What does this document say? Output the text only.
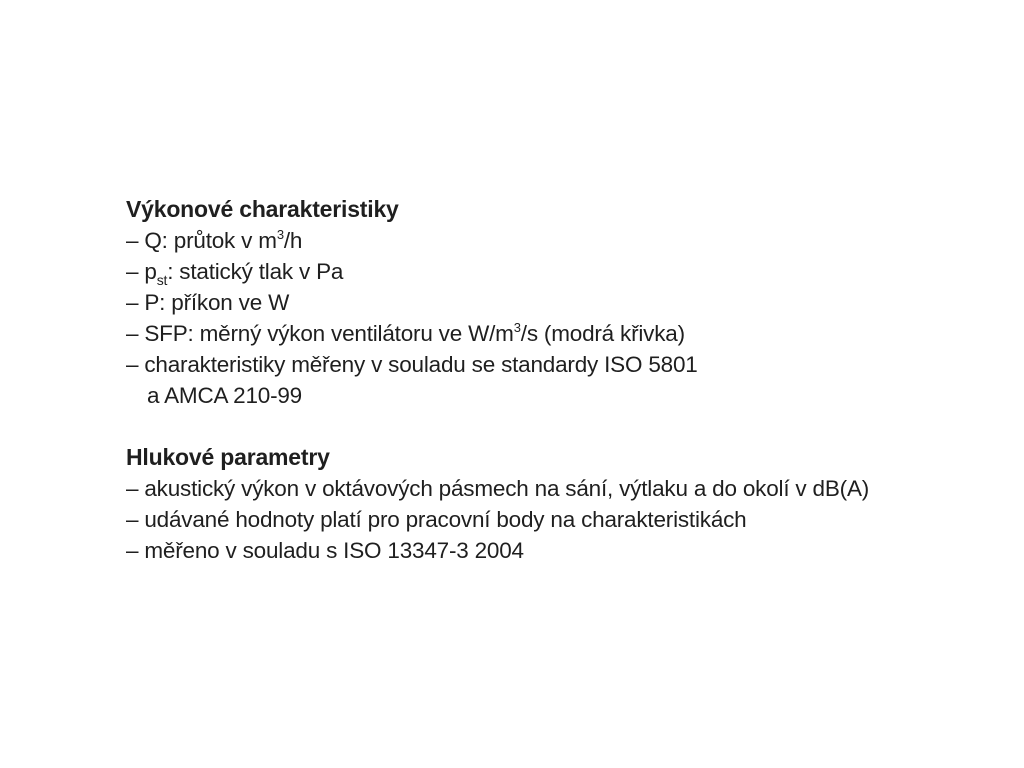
Výkonové charakteristiky
– Q: průtok v $m^3/h$
– $p_{st}$: statický tlak v Pa
– P: příkon ve W
– SFP: měrný výkon ventilátoru ve $W/m^3/s$ (modrá křivka)
– charakteristiky měřeny v souladu se standardy ISO 5801
a AMCA 210-99
Hlukové parametry
– akustický výkon v oktávových pásmech na sání, výtlaku a do okolí v dB(A)
– udávané hodnoty platí pro pracovní body na charakteristikách
– měřeno v souladu s ISO 13347-3 2004
